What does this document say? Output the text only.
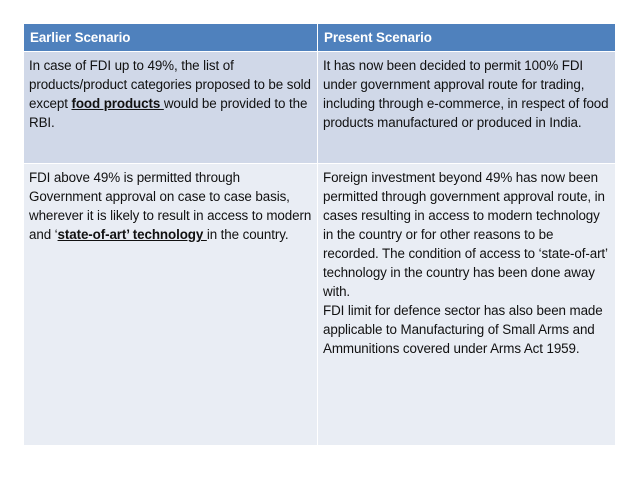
Earlier Scenario	Present Scenario
In case of FDI up to 49%, the list of products/product categories proposed to be sold except food products would be provided to the RBI.	It has now been decided to permit 100% FDI under government approval route for trading, including through e-commerce, in respect of food products manufactured or produced in India.

FDI above 49% is permitted through Government approval on case to case basis, wherever it is likely to result in access to modern and ‘state-of-art’ technology in the country.	Foreign investment beyond 49% has now been permitted through government approval route, in cases resulting in access to modern technology in the country or for other reasons to be recorded. The condition of access to ‘state-of-art’ technology in the country has been done away with.
FDI limit for defence sector has also been made applicable to Manufacturing of Small Arms and Ammunitions covered under Arms Act 1959.
